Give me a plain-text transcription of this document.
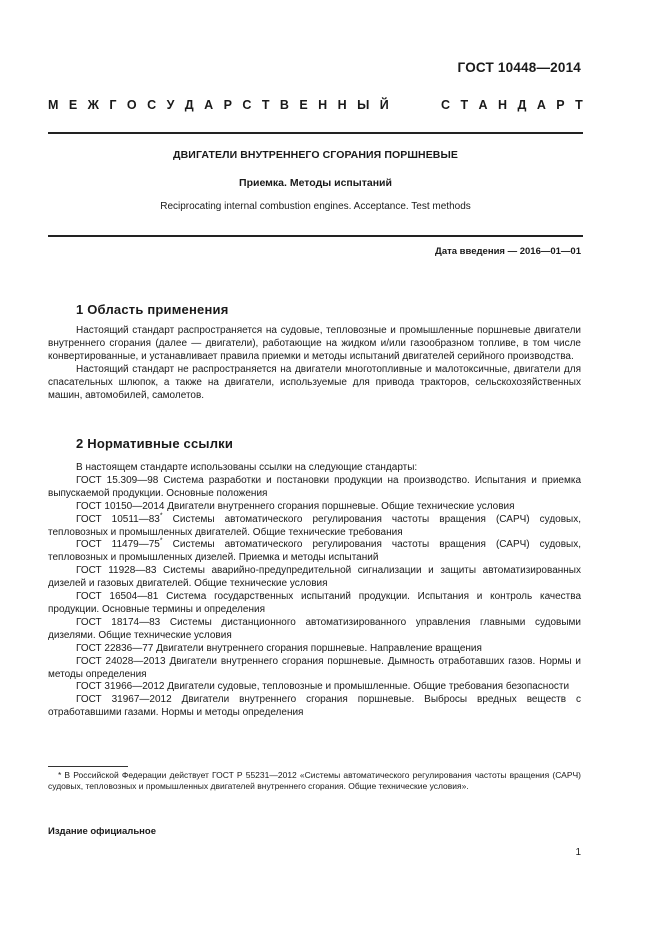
ГОСТ 10448—2014
М Е Ж Г О С У Д А Р С Т В Е Н Н Ы Й

	С Т А Н Д А Р Т
ДВИГАТЕЛИ ВНУТРЕННЕГО СГОРАНИЯ ПОРШНЕВЫЕ
Приемка. Методы испытаний
Reciprocating internal combustion engines. Acceptance. Test methods
Дата введения — 2016—01—01
1 Область применения

Настоящий стандарт распространяется на судовые, тепловозные и промышленные поршневые двигатели внутреннего сгорания (далее — двигатели), работающие на жидком и/или газообразном топливе, в том числе конвертированные, и устанавливает правила приемки и методы испытаний двигателей серийного производства.

Настоящий стандарт не распространяется на двигатели многотопливные и малотоксичные, двигатели для спасательных шлюпок, а также на двигатели, используемые для привода тракторов, сельскохозяйственных машин, автомобилей, самолетов.

2 Нормативные ссылки

В настоящем стандарте использованы ссылки на следующие стандарты:

ГОСТ 15.309—98 Система разработки и постановки продукции на производство. Испытания и приемка выпускаемой продукции. Основные положения

ГОСТ 10150—2014 Двигатели внутреннего сгорания поршневые. Общие технические условия

ГОСТ 10511—83* Системы автоматического регулирования частоты вращения (САРЧ) судовых, тепловозных и промышленных двигателей. Общие технические требования

ГОСТ 11479—75* Системы автоматического регулирования частоты вращения (САРЧ) судовых, тепловозных и промышленных дизелей. Приемка и методы испытаний

ГОСТ 11928—83 Системы аварийно-предупредительной сигнализации и защиты автоматизированных дизелей и газовых двигателей. Общие технические условия

ГОСТ 16504—81 Система государственных испытаний продукции. Испытания и контроль качества продукции. Основные термины и определения

ГОСТ 18174—83 Системы дистанционного автоматизированного управления главными судовыми дизелями. Общие технические условия

ГОСТ 22836—77 Двигатели внутреннего сгорания поршневые. Направление вращения

ГОСТ 24028—2013 Двигатели внутреннего сгорания поршневые. Дымность отработавших газов. Нормы и методы определения

ГОСТ 31966—2012 Двигатели судовые, тепловозные и промышленные. Общие требования безопасности

ГОСТ 31967—2012 Двигатели внутреннего сгорания поршневые. Выбросы вредных веществ с отработавшими газами. Нормы и методы определения

* В Российской Федерации действует ГОСТ Р 55231—2012 «Системы автоматического регулирования частоты вращения (САРЧ) судовых, тепловозных и промышленных двигателей внутреннего сгорания. Общие технические условия».
Издание официальное
1
